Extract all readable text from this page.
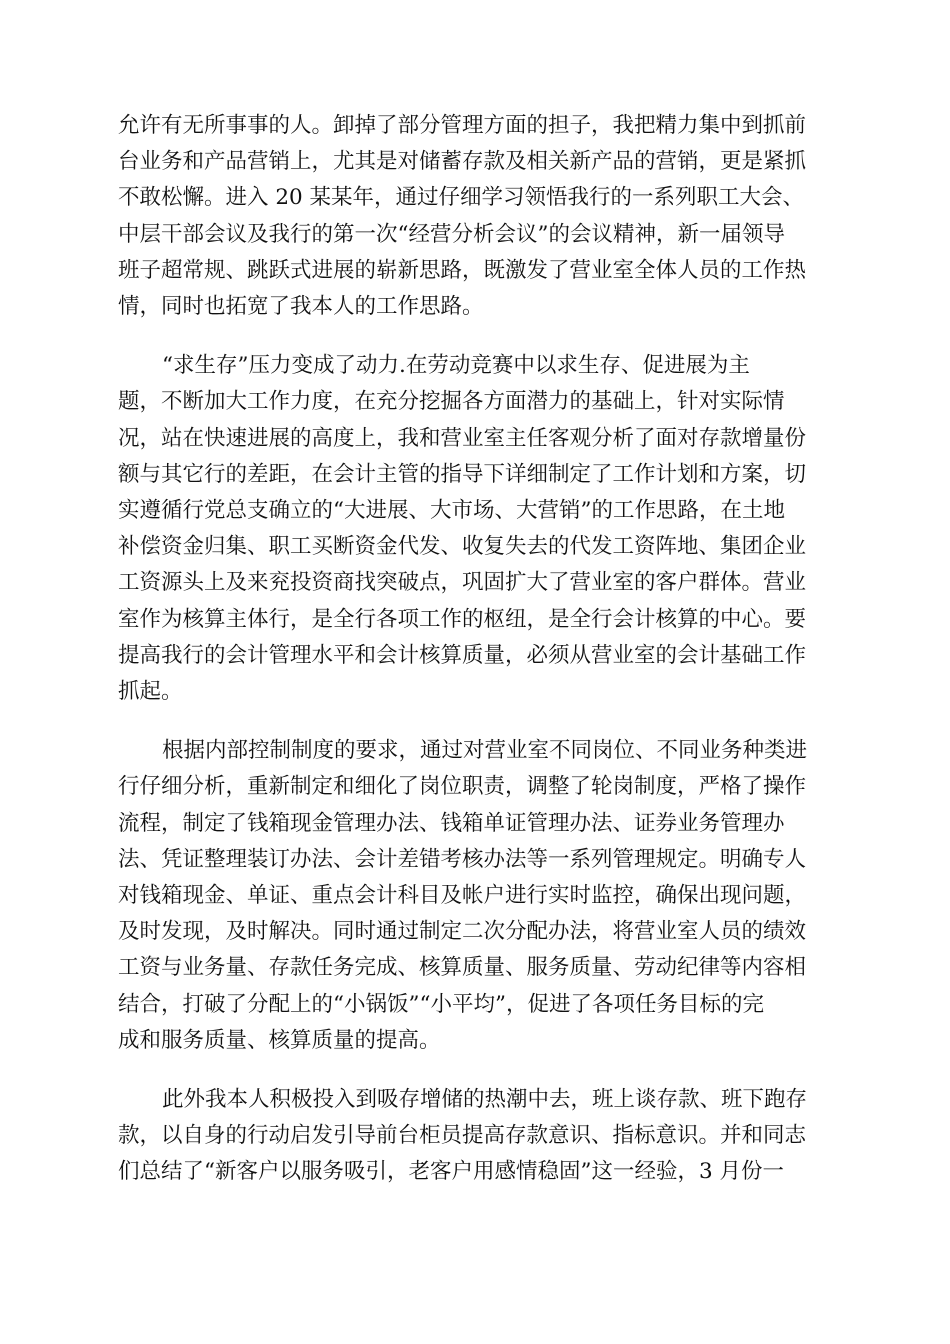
允许有无所事事的人。卸掉了部分管理方面的担子，我把精力集中到抓前
台业务和产品营销上，尤其是对储蓄存款及相关新产品的营销，更是紧抓
不敢松懈。进入 20 某某年，通过仔细学习领悟我行的一系列职工大会、
中层干部会议及我行的第一次“经营分析会议”的会议精神，新一届领导
班子超常规、跳跃式进展的崭新思路，既激发了营业室全体人员的工作热
情，同时也拓宽了我本人的工作思路。
“求生存”压力变成了动力.在劳动竞赛中以求生存、促进展为主
题，不断加大工作力度，在充分挖掘各方面潜力的基础上，针对实际情
况，站在快速进展的高度上，我和营业室主任客观分析了面对存款增量份
额与其它行的差距，在会计主管的指导下详细制定了工作计划和方案，切
实遵循行党总支确立的“大进展、大市场、大营销”的工作思路，在土地
补偿资金归集、职工买断资金代发、收复失去的代发工资阵地、集团企业
工资源头上及来兖投资商找突破点，巩固扩大了营业室的客户群体。营业
室作为核算主体行，是全行各项工作的枢纽，是全行会计核算的中心。要
提高我行的会计管理水平和会计核算质量，必须从营业室的会计基础工作
抓起。
根据内部控制制度的要求，通过对营业室不同岗位、不同业务种类进
行仔细分析，重新制定和细化了岗位职责，调整了轮岗制度，严格了操作
流程，制定了钱箱现金管理办法、钱箱单证管理办法、证券业务管理办
法、凭证整理装订办法、会计差错考核办法等一系列管理规定。明确专人
对钱箱现金、单证、重点会计科目及帐户进行实时监控，确保出现问题，
及时发现，及时解决。同时通过制定二次分配办法，将营业室人员的绩效
工资与业务量、存款任务完成、核算质量、服务质量、劳动纪律等内容相
结合，打破了分配上的“小锅饭”“小平均”，促进了各项任务目标的完
成和服务质量、核算质量的提高。
此外我本人积极投入到吸存增储的热潮中去，班上谈存款、班下跑存
款，以自身的行动启发引导前台柜员提高存款意识、指标意识。并和同志
们总结了“新客户以服务吸引，老客户用感情稳固”这一经验，3 月份一
